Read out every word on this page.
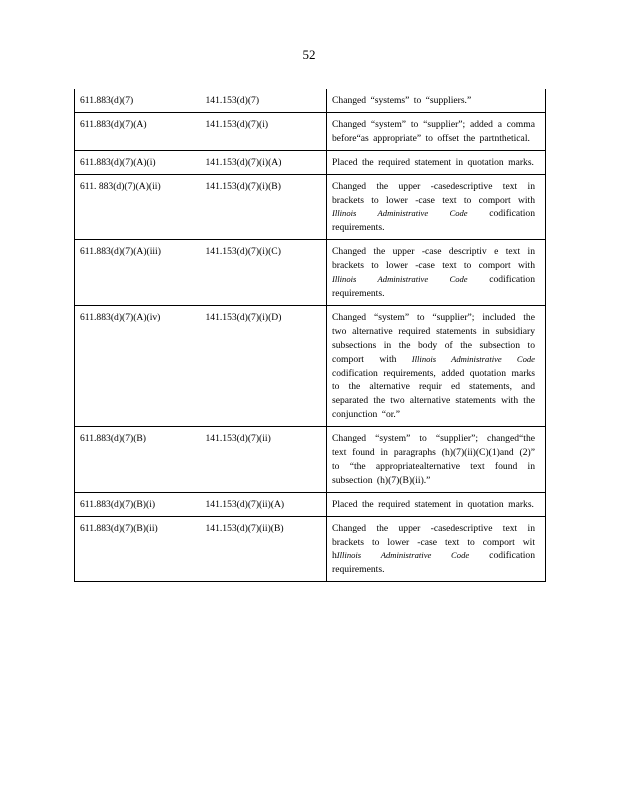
52
611.883(d)(7)	141.153(d)(7)	Changed “systems” to “suppliers.”
611.883(d)(7)(A)	141.153(d)(7)(i)	Changed “system” to “supplier”; added a comma before“as appropriate” to offset the partnthetical.
611.883(d)(7)(A)(i)	141.153(d)(7)(i)(A)	Placed the required statement in quotation marks.
611. 883(d)(7)(A)(ii)	141.153(d)(7)(i)(B)	Changed the upper -casedescriptive text in brackets to lower -case text to comport with Illinois Administrative Code codification requirements.
611.883(d)(7)(A)(iii)	141.153(d)(7)(i)(C)	Changed the upper -case descriptiv e text in brackets to lower -case text to comport with Illinois Administrative Code codification requirements.
611.883(d)(7)(A)(iv)	141.153(d)(7)(i)(D)	Changed “system” to “supplier”; included the two alternative required statements in subsidiary subsections in the body of the subsection to comport with Illinois Administrative Code codification requirements, added quotation marks to the alternative requir ed statements, and separated the two alternative statements with the conjunction “or.”
611.883(d)(7)(B)	141.153(d)(7)(ii)	Changed “system” to “supplier”; changed“the text found in paragraphs (h)(7)(ii)(C)(1)and (2)” to “the appropriatealternative text found in subsection (h)(7)(B)(ii).”
611.883(d)(7)(B)(i)	141.153(d)(7)(ii)(A)	Placed the required statement in quotation marks.
611.883(d)(7)(B)(ii)	141.153(d)(7)(ii)(B)	Changed the upper -casedescriptive text in brackets to lower -case text to comport wit hIllinois Administrative Code codification requirements.
